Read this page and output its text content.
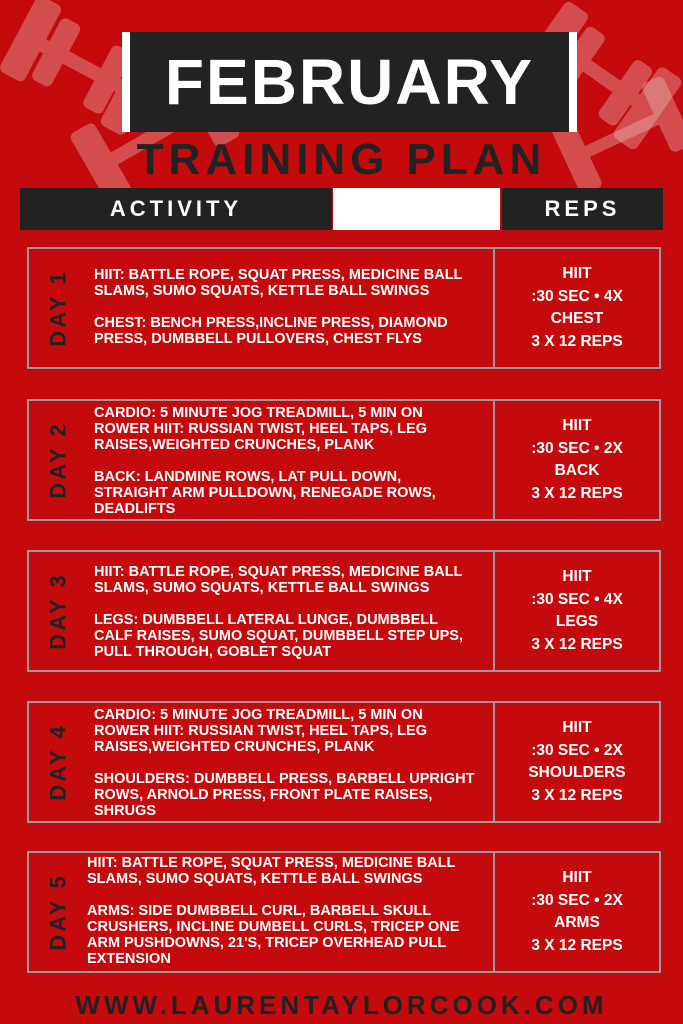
FEBRUARY
TRAINING PLAN
ACTIVITY	REPS
DAY 1 HIIT: BATTLE ROPE, SQUAT PRESS, MEDICINE BALL SLAMS, SUMO SQUATS, KETTLE BALL SWINGS

CHEST: BENCH PRESS,INCLINE PRESS, DIAMOND PRESS, DUMBBELL PULLOVERS, CHEST FLYS

HIIT
:30 SEC • 4X
CHEST
3 X 12 REPS
DAY 2

CARDIO: 5 MINUTE JOG TREADMILL, 5 MIN ON ROWER HIIT: RUSSIAN TWIST, HEEL TAPS, LEG RAISES,WEIGHTED CRUNCHES, PLANK

BACK: LANDMINE ROWS, LAT PULL DOWN, STRAIGHT ARM PULLDOWN, RENEGADE ROWS, DEADLIFTS

HIIT
:30 SEC • 2X
BACK
3 X 12 REPS
DAY 3

HIIT: BATTLE ROPE, SQUAT PRESS, MEDICINE BALL SLAMS, SUMO SQUATS, KETTLE BALL SWINGS

LEGS: DUMBBELL LATERAL LUNGE, DUMBBELL CALF RAISES, SUMO SQUAT, DUMBBELL STEP UPS, PULL THROUGH, GOBLET SQUAT

HIIT
:30 SEC • 4X
LEGS
3 X 12 REPS
DAY 4

CARDIO: 5 MINUTE JOG TREADMILL, 5 MIN ON ROWER HIIT: RUSSIAN TWIST, HEEL TAPS, LEG RAISES,WEIGHTED CRUNCHES, PLANK

SHOULDERS: DUMBBELL PRESS, BARBELL UPRIGHT ROWS, ARNOLD PRESS, FRONT PLATE RAISES, SHRUGS

HIIT
:30 SEC • 2X
SHOULDERS
3 X 12 REPS
DAY 5

HIIT: BATTLE ROPE, SQUAT PRESS, MEDICINE BALL SLAMS, SUMO SQUATS, KETTLE BALL SWINGS

ARMS: SIDE DUMBBELL CURL, BARBELL SKULL CRUSHERS, INCLINE DUMBELL CURLS, TRICEP ONE ARM PUSHDOWNS, 21'S, TRICEP OVERHEAD PULL EXTENSION

HIIT
:30 SEC • 2X
ARMS
3 X 12 REPS
WWW.LAURENTAYLORCOOK.COM
